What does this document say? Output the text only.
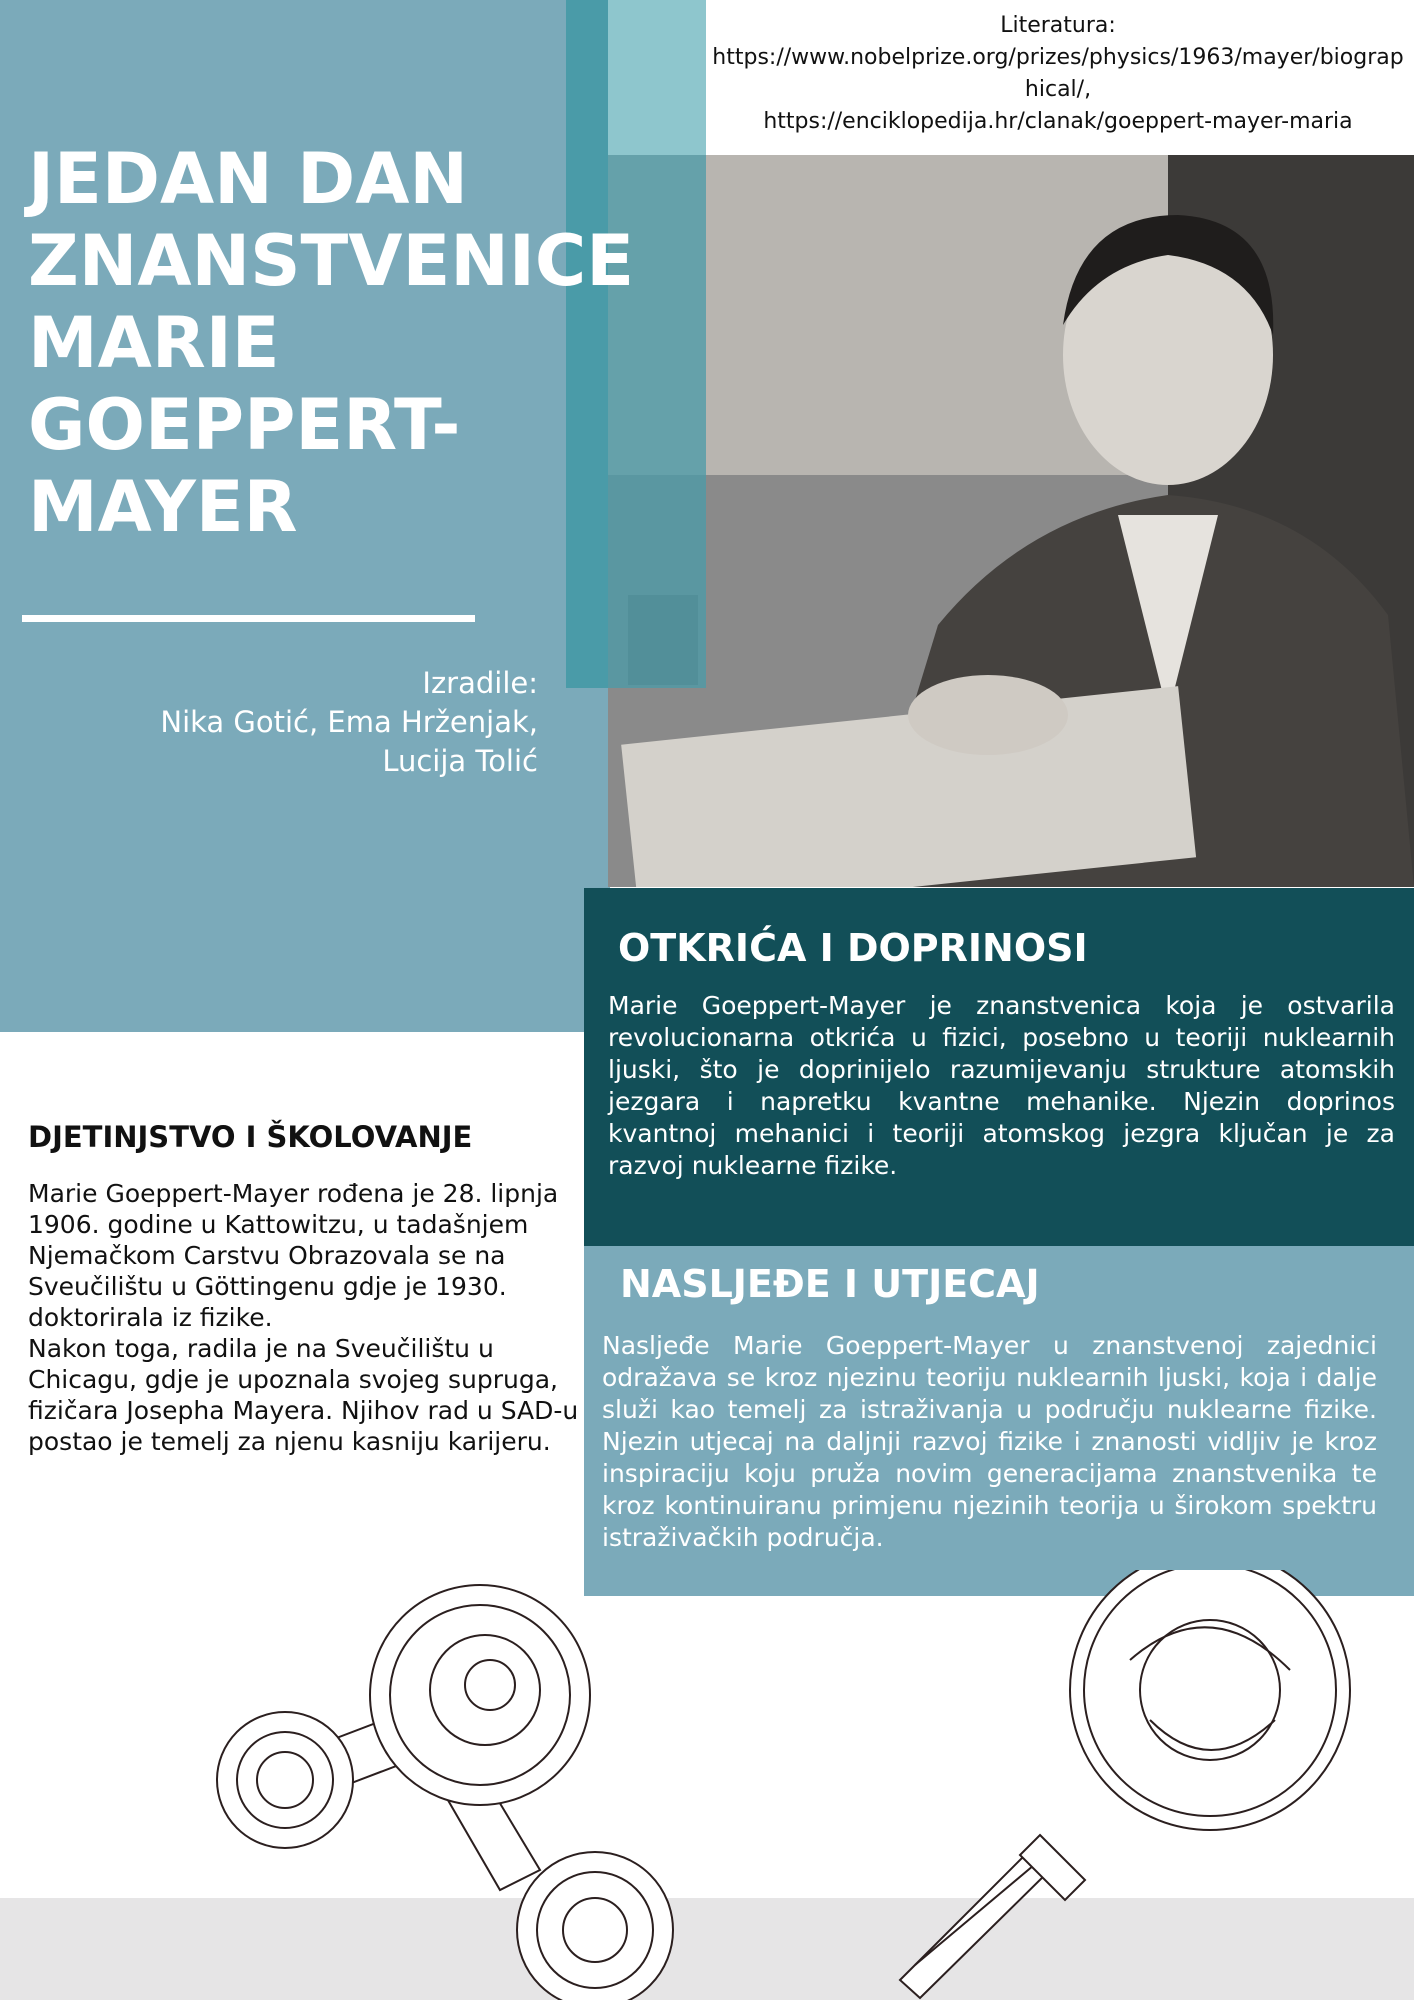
Literatura:
https://www.nobelprize.org/prizes/physics/1963/mayer/biographical/,
https://enciklopedija.hr/clanak/goeppert-mayer-maria
JEDAN DAN
ZNANSTVENICE
MARIE
GOEPPERT-
MAYER
Izradile:
Nika Gotić, Ema Hrženjak,
Lucija Tolić
OTKRIĆA I DOPRINOSI
Marie Goeppert-Mayer je znanstvenica koja je ostvarila revolucionarna otkrića u fizici, posebno u teoriji nuklearnih ljuski, što je doprinijelo razumijevanju strukture atomskih jezgara i napretku kvantne mehanike. Njezin doprinos kvantnoj mehanici i teoriji atomskog jezgra ključan je za razvoj nuklearne fizike.
NASLJEĐE I UTJECAJ
Nasljeđe Marie Goeppert-Mayer u znanstvenoj zajednici odražava se kroz njezinu teoriju nuklearnih ljuski, koja i dalje služi kao temelj za istraživanja u području nuklearne fizike. Njezin utjecaj na daljnji razvoj fizike i znanosti vidljiv je kroz inspiraciju koju pruža novim generacijama znanstvenika te kroz kontinuiranu primjenu njezinih teorija u širokom spektru istraživačkih područja.
DJETINJSTVO I ŠKOLOVANJE
Marie Goeppert-Mayer rođena je 28. lipnja 1906. godine u Kattowitzu, u tadašnjem Njemačkom Carstvu Obrazovala se na Sveučilištu u Göttingenu gdje je 1930. doktorirala iz fizike.
Nakon toga, radila je na Sveučilištu u Chicagu, gdje je upoznala svojeg supruga, fizičara Josepha Mayera. Njihov rad u SAD-u postao je temelj za njenu kasniju karijeru.
